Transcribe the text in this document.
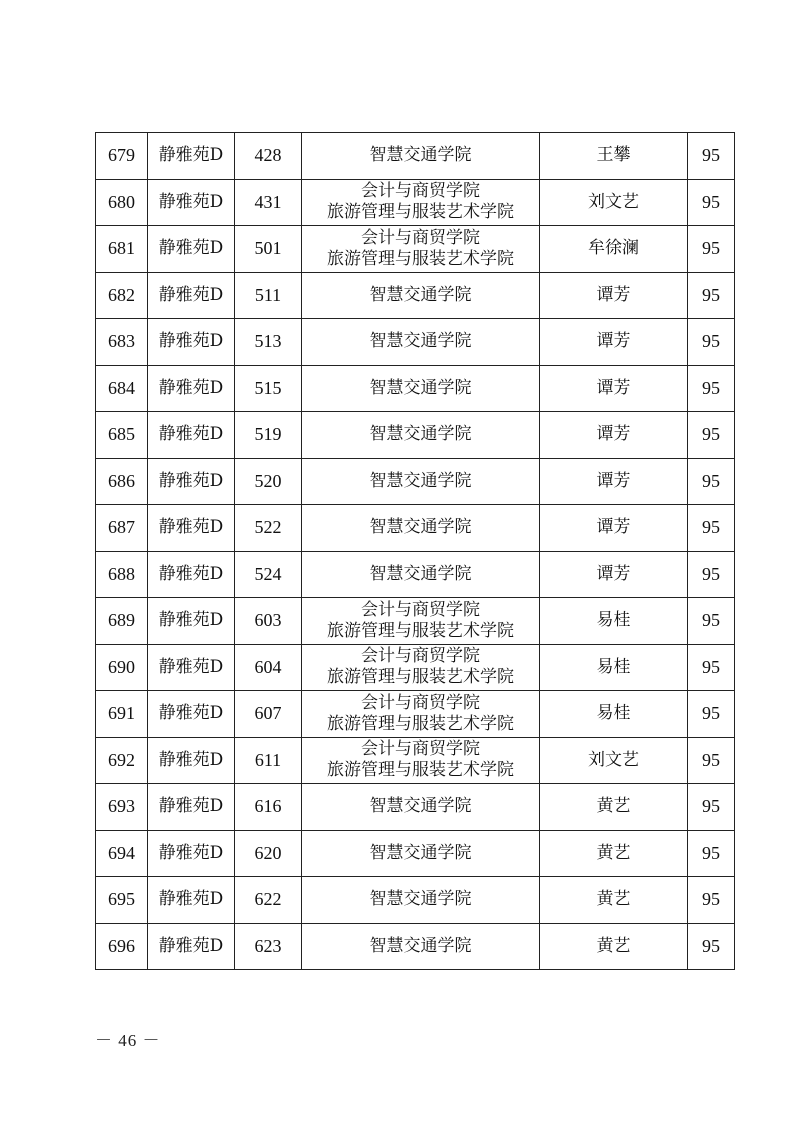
679	静雅苑D	428	智慧交通学院	王攀	95
680	静雅苑D	431	会计与商贸学院
旅游管理与服装艺术学院	刘文艺	95
681	静雅苑D	501	会计与商贸学院
旅游管理与服装艺术学院	牟徐澜	95
682	静雅苑D	511	智慧交通学院	谭芳	95
683	静雅苑D	513	智慧交通学院	谭芳	95
684	静雅苑D	515	智慧交通学院	谭芳	95
685	静雅苑D	519	智慧交通学院	谭芳	95
686	静雅苑D	520	智慧交通学院	谭芳	95
687	静雅苑D	522	智慧交通学院	谭芳	95
688	静雅苑D	524	智慧交通学院	谭芳	95
689	静雅苑D	603	会计与商贸学院
旅游管理与服装艺术学院	易桂	95
690	静雅苑D	604	会计与商贸学院
旅游管理与服装艺术学院	易桂	95
691	静雅苑D	607	会计与商贸学院
旅游管理与服装艺术学院	易桂	95
692	静雅苑D	611	会计与商贸学院
旅游管理与服装艺术学院	刘文艺	95
693	静雅苑D	616	智慧交通学院	黄艺	95
694	静雅苑D	620	智慧交通学院	黄艺	95
695	静雅苑D	622	智慧交通学院	黄艺	95
696	静雅苑D	623	智慧交通学院	黄艺	95
－ 46 －
